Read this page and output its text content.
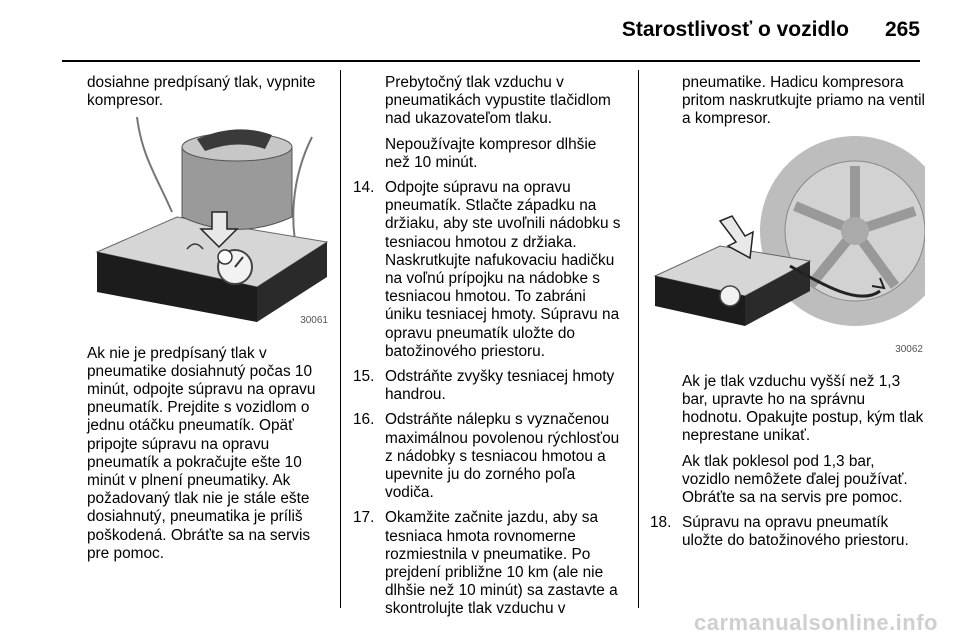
Starostlivosť o vozidlo 265

dosiahne predpísaný tlak, vypnite kompresor.

30061

Ak nie je predpísaný tlak v pneumatike dosiahnutý počas 10 minút, odpojte súpravu na opravu pneumatík. Prejdite s vozidlom o jednu otáčku pneumatík. Opäť pripojte súpravu na opravu pneumatík a pokračujte ešte 10 minút v plnení pneumatiky. Ak požadovaný tlak nie je stále ešte dosiahnutý, pneumatika je príliš poškodená. Obráťte sa na servis pre pomoc.

Prebytočný tlak vzduchu v pneumatikách vypustite tlačidlom nad ukazovateľom tlaku.

Nepoužívajte kompresor dlhšie než 10 minút.

14. Odpojte súpravu na opravu pneumatík. Stlačte západku na držiaku, aby ste uvoľnili nádobku s tesniacou hmotou z držiaka. Naskrutkujte nafukovaciu hadičku na voľnú prípojku na nádobke s tesniacou hmotou. To zabráni úniku tesniacej hmoty. Súpravu na opravu pneumatík uložte do batožinového priestoru.
15. Odstráňte zvyšky tesniacej hmoty handrou.
16. Odstráňte nálepku s vyznačenou maximálnou povolenou rýchlosťou z nádobky s tesniacou hmotou a upevnite ju do zorného poľa vodiča.
17. Okamžite začnite jazdu, aby sa tesniaca hmota rovnomerne rozmiestnila v pneumatike. Po prejdení približne 10 km (ale nie dlhšie než 10 minút) sa zastavte a skontrolujte tlak vzduchu v

pneumatike. Hadicu kompresora pritom naskrutkujte priamo na ventil a kompresor.

30062

Ak je tlak vzduchu vyšší než 1,3 bar, upravte ho na správnu hodnotu. Opakujte postup, kým tlak neprestane unikať.

Ak tlak poklesol pod 1,3 bar, vozidlo nemôžete ďalej používať. Obráťte sa na servis pre pomoc.

18. Súpravu na opravu pneumatík uložte do batožinového priestoru.
carmanualsonline.info
